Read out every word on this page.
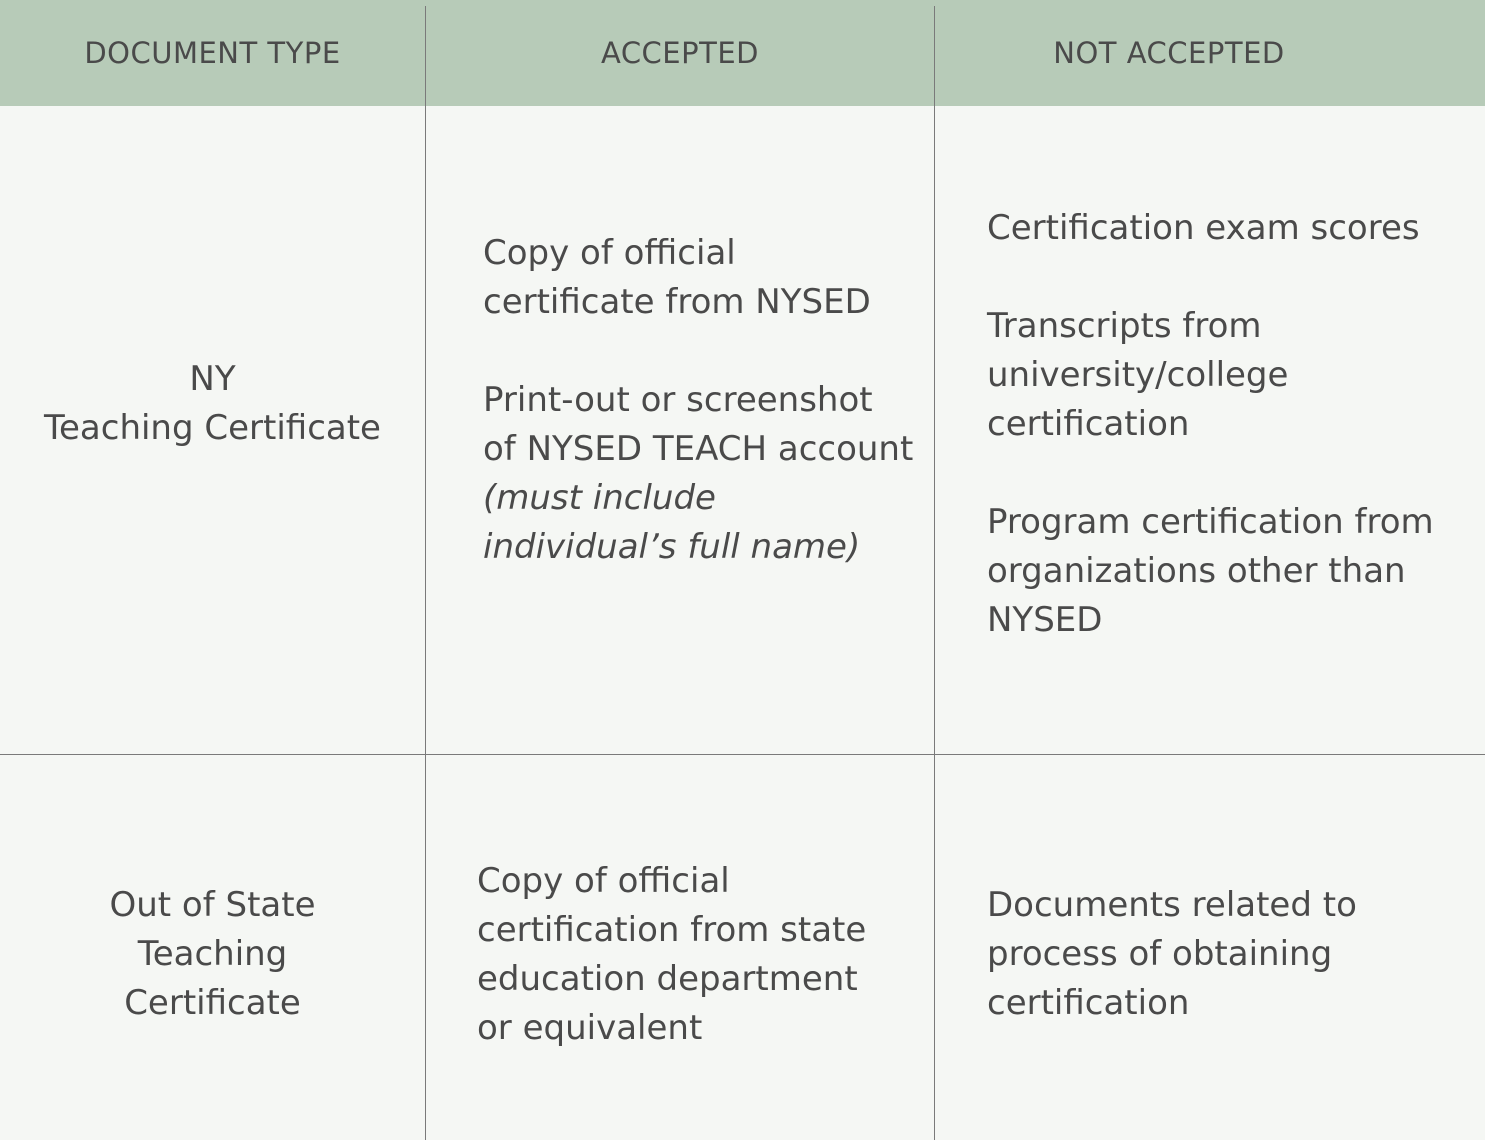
DOCUMENT TYPE	ACCEPTED	NOT ACCEPTED

NY

Teaching Certificate

Copy of official

certificate from NYSED

Print-out or screenshot

of NYSED TEACH account

(must include

individual’s full name)

Certification exam scores

Transcripts from

university/college

certification

Program certification from

organizations other than

NYSED

Out of State

Teaching

Certificate

Copy of official

certification from state

education department

or equivalent

Documents related to

process of obtaining

certification
